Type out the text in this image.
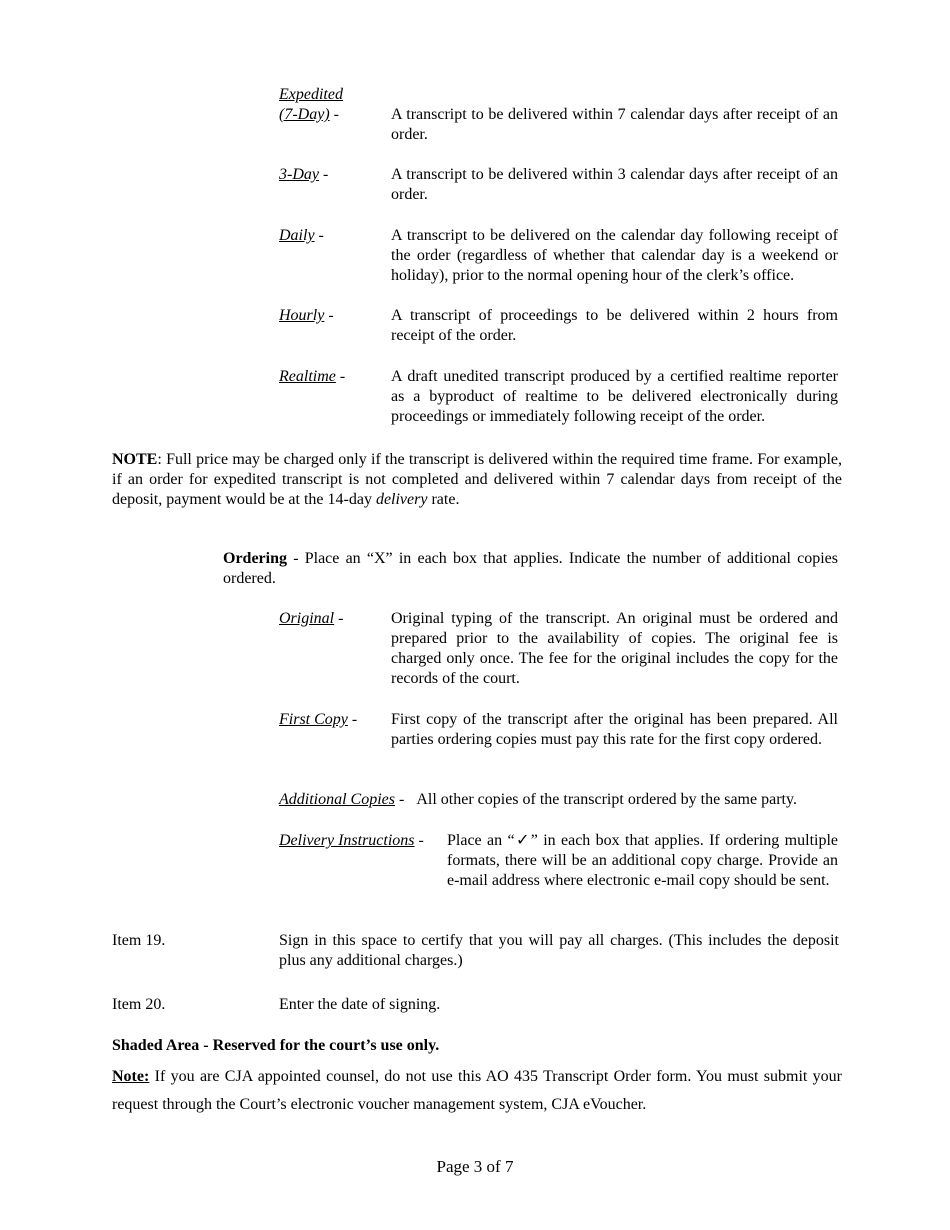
Expedited
(7-Day) -	A transcript to be delivered within 7 calendar days after receipt of an order.
3-Day -	A transcript to be delivered within 3 calendar days after receipt of an order.
Daily -	A transcript to be delivered on the calendar day following receipt of the order (regardless of whether that calendar day is a weekend or holiday), prior to the normal opening hour of the clerk’s office.
Hourly -	A transcript of proceedings to be delivered within 2 hours from receipt of the order.
Realtime -	A draft unedited transcript produced by a certified realtime reporter as a byproduct of realtime to be delivered electronically during proceedings or immediately following receipt of the order.
NOTE: Full price may be charged only if the transcript is delivered within the required time frame. For example, if an order for expedited transcript is not completed and delivered within 7 calendar days from receipt of the deposit, payment would be at the 14-day delivery rate.
Ordering - Place an “X” in each box that applies. Indicate the number of additional copies ordered.
Original -	Original typing of the transcript. An original must be ordered and prepared prior to the availability of copies. The original fee is charged only once. The fee for the original includes the copy for the records of the court.
First Copy -	First copy of the transcript after the original has been prepared. All parties ordering copies must pay this rate for the first copy ordered.
Additional Copies - All other copies of the transcript ordered by the same party.
Delivery Instructions -	Place an “✓” in each box that applies. If ordering multiple formats, there will be an additional copy charge. Provide an e-mail address where electronic e-mail copy should be sent.
Item 19.	Sign in this space to certify that you will pay all charges. (This includes the deposit plus any additional charges.)
Item 20.	Enter the date of signing.
Shaded Area - Reserved for the court’s use only.
Note: If you are CJA appointed counsel, do not use this AO 435 Transcript Order form. You must submit your request through the Court’s electronic voucher management system, CJA eVoucher.
Page 3 of 7
